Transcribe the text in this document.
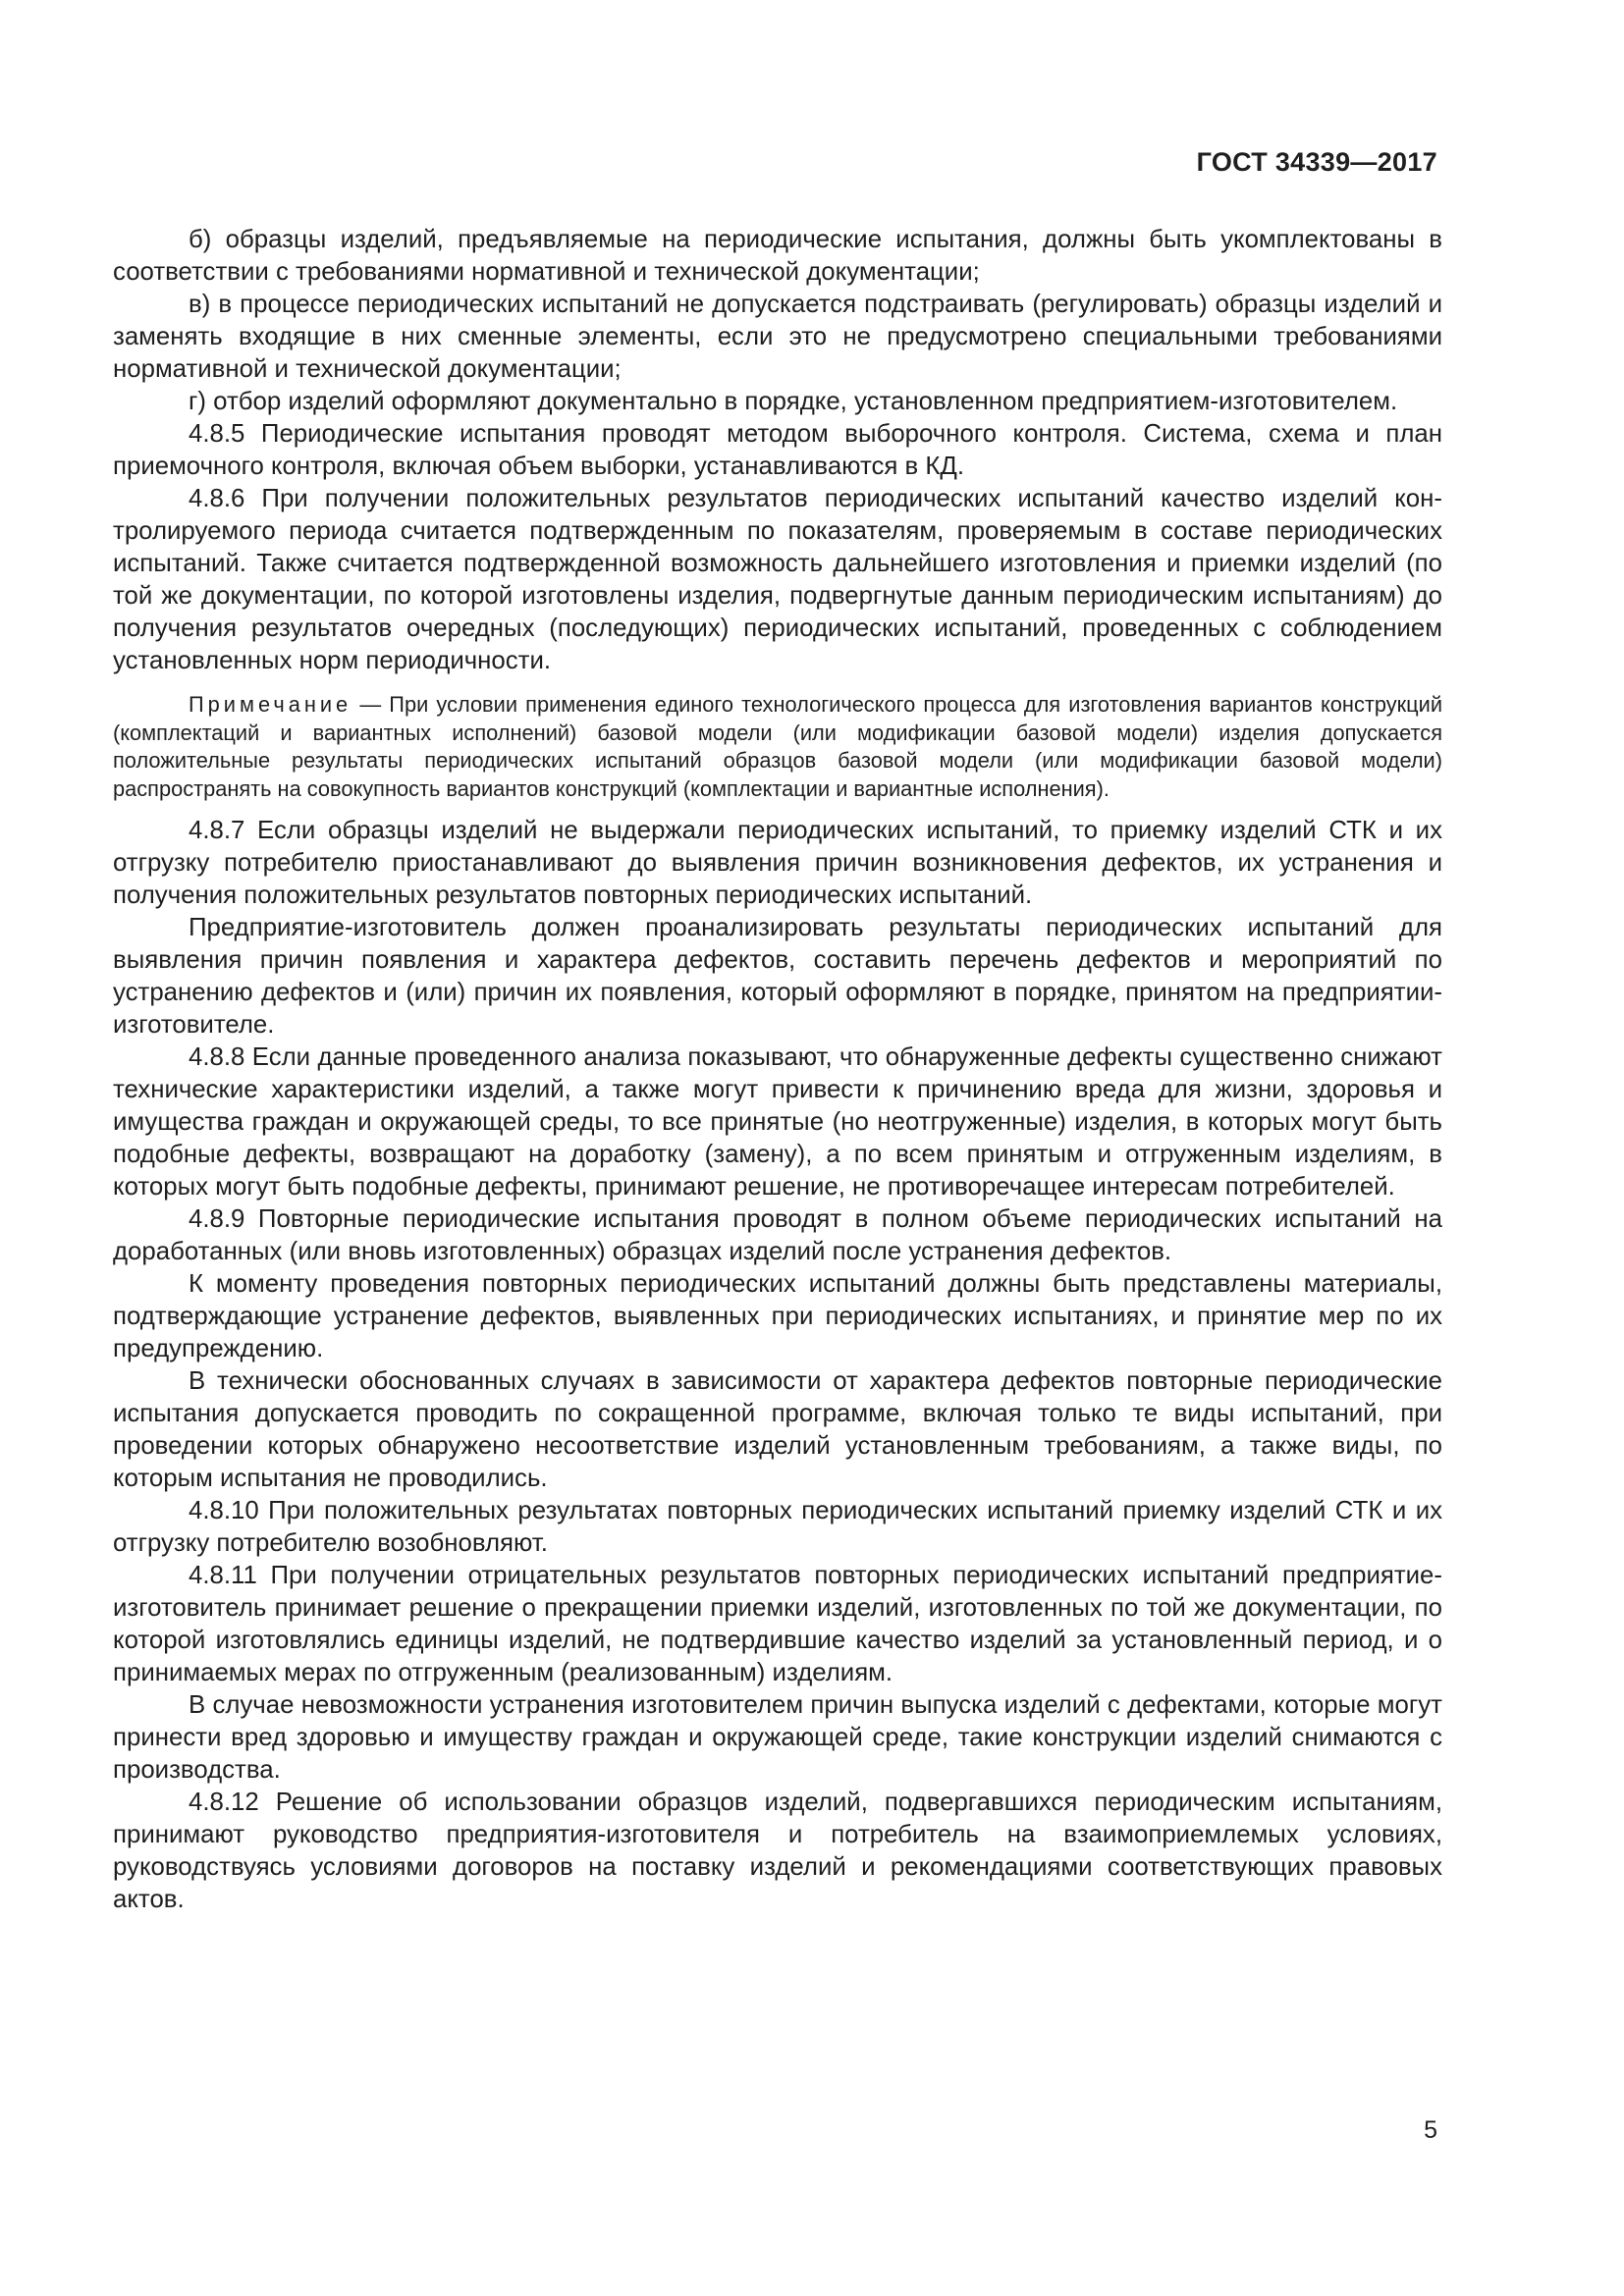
ГОСТ 34339—2017

б) образцы изделий, предъявляемые на периодические испытания, должны быть укомплектованы в соответствии с требованиями нормативной и технической документации;

в) в процессе периодических испытаний не допускается подстраивать (регулировать) образцы изделий и заменять входящие в них сменные элементы, если это не предусмотрено специальными требованиями нормативной и технической документации;

г) отбор изделий оформляют документально в порядке, установленном предприятием-изготовителем.

4.8.5 Периодические испытания проводят методом выборочного контроля. Система, схема и план приемочного контроля, включая объем выборки, устанавливаются в КД.

4.8.6 При получении положительных результатов периодических испытаний качество изделий контролируемого периода считается подтвержденным по показателям, проверяемым в составе периодических испытаний. Также считается подтвержденной возможность дальнейшего изготовления и приемки изделий (по той же документации, по которой изготовлены изделия, подвергнутые данным периодическим испытаниям) до получения результатов очередных (последующих) периодических испытаний, проведенных с соблюдением установленных норм периодичности.

Примечание — При условии применения единого технологического процесса для изготовления вариантов конструкций (комплектаций и вариантных исполнений) базовой модели (или модификации базовой модели) изделия допускается положительные результаты периодических испытаний образцов базовой модели (или модификации базовой модели) распространять на совокупность вариантов конструкций (комплектации и вариантные исполнения).

4.8.7 Если образцы изделий не выдержали периодических испытаний, то приемку изделий СТК и их отгрузку потребителю приостанавливают до выявления причин возникновения дефектов, их устранения и получения положительных результатов повторных периодических испытаний.

Предприятие-изготовитель должен проанализировать результаты периодических испытаний для выявления причин появления и характера дефектов, составить перечень дефектов и мероприятий по устранению дефектов и (или) причин их появления, который оформляют в порядке, принятом на предприятии-изготовителе.

4.8.8 Если данные проведенного анализа показывают, что обнаруженные дефекты существенно снижают технические характеристики изделий, а также могут привести к причинению вреда для жизни, здоровья и имущества граждан и окружающей среды, то все принятые (но неотгруженные) изделия, в которых могут быть подобные дефекты, возвращают на доработку (замену), а по всем принятым и отгруженным изделиям, в которых могут быть подобные дефекты, принимают решение, не противоречащее интересам потребителей.

4.8.9 Повторные периодические испытания проводят в полном объеме периодических испытаний на доработанных (или вновь изготовленных) образцах изделий после устранения дефектов.

К моменту проведения повторных периодических испытаний должны быть представлены материалы, подтверждающие устранение дефектов, выявленных при периодических испытаниях, и принятие мер по их предупреждению.

В технически обоснованных случаях в зависимости от характера дефектов повторные периодические испытания допускается проводить по сокращенной программе, включая только те виды испытаний, при проведении которых обнаружено несоответствие изделий установленным требованиям, а также виды, по которым испытания не проводились.

4.8.10 При положительных результатах повторных периодических испытаний приемку изделий СТК и их отгрузку потребителю возобновляют.

4.8.11 При получении отрицательных результатов повторных периодических испытаний предприятие-изготовитель принимает решение о прекращении приемки изделий, изготовленных по той же документации, по которой изготовлялись единицы изделий, не подтвердившие качество изделий за установленный период, и о принимаемых мерах по отгруженным (реализованным) изделиям.

В случае невозможности устранения изготовителем причин выпуска изделий с дефектами, которые могут принести вред здоровью и имуществу граждан и окружающей среде, такие конструкции изделий снимаются с производства.

4.8.12 Решение об использовании образцов изделий, подвергавшихся периодическим испытаниям, принимают руководство предприятия-изготовителя и потребитель на взаимоприемлемых условиях, руководствуясь условиями договоров на поставку изделий и рекомендациями соответствующих правовых актов.

5
